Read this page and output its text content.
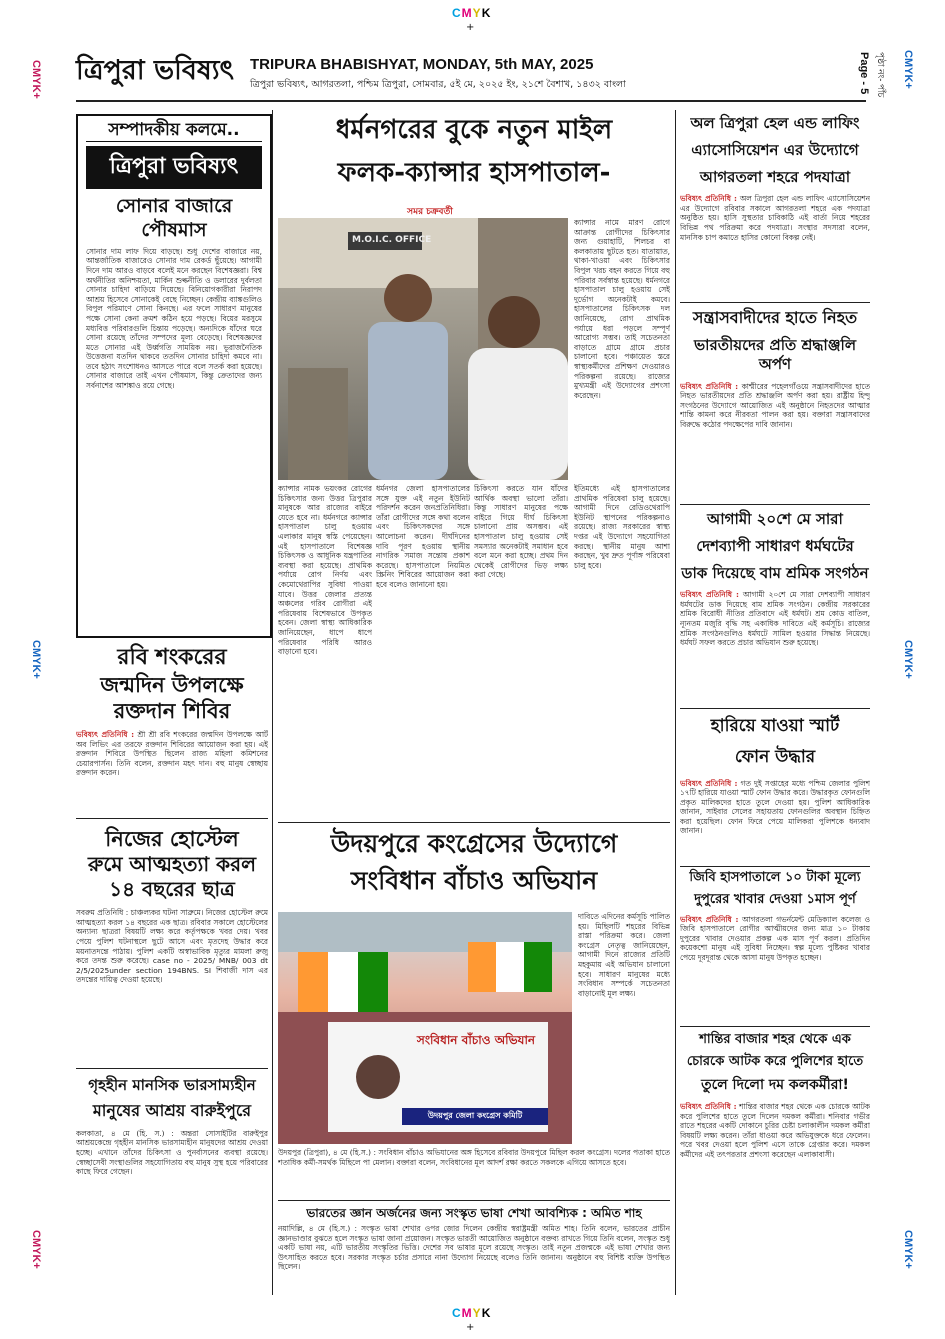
CMYK
+
CMYK
+
CMYK+
CMYK+
CMYK+
CMYK+
CMYK+
CMYK+
ত্রিপুরা ভবিষ্যৎ TRIPURA BHABISHYAT, MONDAY, 5th MAY, 2025
ত্রিপুরা ভবিষ্যৎ, আগরতলা, পশ্চিম ত্রিপুরা, সোমবার, ৫ই মে, ২০২৫ ইং, ২১শে বৈশাখ, ১৪৩২ বাংলা	Page - 5 পৃষ্ঠা নং- পাঁচ
সম্পাদকীয় কলমে..
ত্রিপুরা ভবিষ্যৎ
সোনার বাজারে পৌষমাস
সোনার দাম লাফ দিয়ে বাড়ছে। শুধু দেশের বাজারে নয়, আন্তর্জাতিক বাজারেও সোনার দাম রেকর্ড ছুঁয়েছে। আগামী দিনে দাম আরও বাড়বে বলেই মনে করছেন বিশেষজ্ঞরা। বিশ্ব অর্থনীতির অনিশ্চয়তা, মার্কিন শুল্কনীতি ও ডলারের দুর্বলতা সোনার চাহিদা বাড়িয়ে দিয়েছে। বিনিয়োগকারীরা নিরাপদ আশ্রয় হিসেবে সোনাকেই বেছে নিচ্ছেন। কেন্দ্রীয় ব্যাঙ্কগুলিও বিপুল পরিমাণে সোনা কিনছে। এর ফলে সাধারণ মানুষের পক্ষে সোনা কেনা ক্রমশ কঠিন হয়ে পড়ছে। বিয়ের মরসুমে মধ্যবিত্ত পরিবারগুলি চিন্তায় পড়েছে। অন্যদিকে যাঁদের ঘরে সোনা রয়েছে তাঁদের সম্পদের মূল্য বেড়েছে। বিশেষজ্ঞদের মতে সোনার এই উর্ধ্বগতি সাময়িক নয়। ভূরাজনৈতিক উত্তেজনা যতদিন থাকবে ততদিন সোনার চাহিদা কমবে না। তবে হঠাৎ সংশোধনও আসতে পারে বলে সতর্ক করা হয়েছে। সোনার বাজারে তাই এখন পৌষমাস, কিন্তু ক্রেতাদের জন্য সর্বনাশের আশঙ্কাও রয়ে গেছে।
রবি শংকরের
জন্মদিন উপলক্ষে
রক্তদান শিবির
ভবিষ্যৎ প্রতিনিধি : শ্রী শ্রী রবি শংকরের জন্মদিন উপলক্ষে আর্ট অব লিভিং এর তরফে রক্তদান শিবিরের আয়োজন করা হয়। এই রক্তদান শিবিরে উপস্থিত ছিলেন রাজ্য মহিলা কমিশনের চেয়ারপার্সন। তিনি বলেন, রক্তদান মহৎ দান। বহু মানুষ স্বেচ্ছায় রক্তদান করেন।
নিজের হোস্টেল
রুমে আত্মহত্যা করল
১৪ বছরের ছাত্র
সবরুম প্রতিনিধি : চাঞ্চল্যকর ঘটনা সাব্রুমে। নিজের হোস্টেল রুমে আত্মহত্যা করল ১৪ বছরের এক ছাত্র। রবিবার সকালে হোস্টেলের অন্যান্য ছাত্ররা বিষয়টি লক্ষ্য করে কর্তৃপক্ষকে খবর দেয়। খবর পেয়ে পুলিশ ঘটনাস্থলে ছুটে আসে এবং মৃতদেহ উদ্ধার করে ময়নাতদন্তে পাঠায়। পুলিশ একটি অস্বাভাবিক মৃত্যুর মামলা রুজু করে তদন্ত শুরু করেছে। case no - 2025/ MNB/ 003 dt 2/5/2025under section 194BNS. SI শিবাজী দাস এর তদন্তের দায়িত্ব দেওয়া হয়েছে।
গৃহহীন মানসিক ভারসাম্যহীন
মানুষের আশ্রয় বারুইপুরে
কলকাতা, ৪ মে (হি. স.) : অন্তরা সোসাইটির বারুইপুর আশ্রয়কেন্দ্রে গৃহহীন মানসিক ভারসাম্যহীন মানুষদের আশ্রয় দেওয়া হচ্ছে। এখানে তাঁদের চিকিৎসা ও পুনর্বাসনের ব্যবস্থা রয়েছে। স্বেচ্ছাসেবী সংস্থাগুলির সহযোগিতায় বহু মানুষ সুস্থ হয়ে পরিবারের কাছে ফিরে গেছেন।
ধর্মনগরের বুকে নতুন মাইল
ফলক-ক্যান্সার হাসপাতাল-
সমর চক্রবর্তী
M.O.I.C. OFFICE
ক্যান্সার নামে মারণ রোগে আক্রান্ত রোগীদের চিকিৎসার জন্য গুয়াহাটি, শিলচর বা কলকাতায় ছুটতে হত। যাতায়াত, থাকা-খাওয়া এবং চিকিৎসার বিপুল খরচ বহন করতে গিয়ে বহু পরিবার সর্বস্বান্ত হয়েছে। ধর্মনগরে হাসপাতাল চালু হওয়ায় সেই দুর্ভোগ অনেকটাই কমবে। হাসপাতালের চিকিৎসক দল জানিয়েছে, রোগ প্রাথমিক পর্যায়ে ধরা পড়লে সম্পূর্ণ আরোগ্য সম্ভব। তাই সচেতনতা বাড়াতে গ্রামে গ্রামে প্রচার চালানো হবে। পঞ্চায়েত স্তরে স্বাস্থ্যকর্মীদের প্রশিক্ষণ দেওয়ারও পরিকল্পনা রয়েছে। রাজ্যের মুখ্যমন্ত্রী এই উদ্যোগের প্রশংসা করেছেন।
ক্যান্সার নামক ভয়ংকর রোগের চিকিৎসার জন্য উত্তর ত্রিপুরার মানুষকে আর রাজ্যের বাইরে যেতে হবে না। ধর্মনগরে ক্যান্সার হাসপাতাল চালু হওয়ায় এলাকার মানুষ স্বস্তি পেয়েছেন। এই হাসপাতালে বিশেষজ্ঞ চিকিৎসক ও আধুনিক যন্ত্রপাতির ব্যবস্থা করা হয়েছে। প্রাথমিক পর্যায়ে রোগ নির্ণয় এবং কেমোথেরাপির সুবিধা পাওয়া যাবে। উত্তর জেলার প্রত্যন্ত অঞ্চলের গরিব রোগীরা এই পরিষেবায় বিশেষভাবে উপকৃত হবেন। জেলা স্বাস্থ্য আধিকারিক জানিয়েছেন, ধাপে ধাপে পরিষেবার পরিধি আরও বাড়ানো হবে।
ধর্মনগর জেলা হাসপাতালের সঙ্গে যুক্ত এই নতুন ইউনিট পরিদর্শন করেন জনপ্রতিনিধিরা। তাঁরা রোগীদের সঙ্গে কথা বলেন এবং চিকিৎসকদের সঙ্গে আলোচনা করেন। দীর্ঘদিনের দাবি পূরণ হওয়ায় স্থানীয় নাগরিক সমাজ সন্তোষ প্রকাশ করেছে। হাসপাতালে নিয়মিত স্ক্রিনিং শিবিরের আয়োজন করা হবে বলেও জানানো হয়।
চিকিৎসা করতে যান যাঁদের আর্থিক অবস্থা ভালো তাঁরা। কিন্তু সাধারণ মানুষের পক্ষে বাইরে গিয়ে দীর্ঘ চিকিৎসা চালানো প্রায় অসম্ভব। এই হাসপাতাল চালু হওয়ায় সেই সমস্যার অনেকটাই সমাধান হবে বলে মনে করা হচ্ছে। প্রথম দিন থেকেই রোগীদের ভিড় লক্ষ্য করা গেছে।
ইতিমধ্যে এই হাসপাতালের প্রাথমিক পরিষেবা চালু হয়েছে। আগামী দিনে রেডিওথেরাপি ইউনিট স্থাপনের পরিকল্পনাও রয়েছে। রাজ্য সরকারের স্বাস্থ্য দপ্তর এই উদ্যোগে সহযোগিতা করছে। স্থানীয় মানুষ আশা করছেন, খুব দ্রুত পূর্ণাঙ্গ পরিষেবা চালু হবে।
উদয়পুরে কংগ্রেসের উদ্যোগে
সংবিধান বাঁচাও অভিযান
সংবিধান বাঁচাও অভিযান
উদয়পুর জেলা কংগ্রেস কমিটি
দাবিতে এদিনের কর্মসূচি পালিত হয়। মিছিলটি শহরের বিভিন্ন রাস্তা পরিক্রমা করে। জেলা কংগ্রেস নেতৃত্ব জানিয়েছেন, আগামী দিনে রাজ্যের প্রতিটি মহকুমায় এই অভিযান চালানো হবে। সাধারণ মানুষের মধ্যে সংবিধান সম্পর্কে সচেতনতা বাড়ানোই মূল লক্ষ্য।
উদয়পুর (ত্রিপুরা), ৪ মে (হি.স.) : সংবিধান বাঁচাও অভিযানের অঙ্গ হিসেবে রবিবার উদয়পুরে মিছিল করল কংগ্রেস। দলের পতাকা হাতে শতাধিক কর্মী-সমর্থক মিছিলে পা মেলান। বক্তারা বলেন, সংবিধানের মূল আদর্শ রক্ষা করতে সকলকে এগিয়ে আসতে হবে।
ভারতের জ্ঞান অর্জনের জন্য সংস্কৃত ভাষা শেখা আবশ্যিক : অমিত শাহ
নয়াদিল্লি, ৪ মে (হি.স.) : সংস্কৃত ভাষা শেখার ওপর জোর দিলেন কেন্দ্রীয় স্বরাষ্ট্রমন্ত্রী অমিত শাহ। তিনি বলেন, ভারতের প্রাচীন জ্ঞানভাণ্ডার বুঝতে হলে সংস্কৃত ভাষা জানা প্রয়োজন। সংস্কৃত ভারতী আয়োজিত অনুষ্ঠানে বক্তব্য রাখতে গিয়ে তিনি বলেন, সংস্কৃত শুধু একটি ভাষা নয়, এটি ভারতীয় সংস্কৃতির ভিত্তি। দেশের সব ভাষার মূলে রয়েছে সংস্কৃত। তাই নতুন প্রজন্মকে এই ভাষা শেখার জন্য উৎসাহিত করতে হবে। সরকার সংস্কৃত চর্চার প্রসারে নানা উদ্যোগ নিয়েছে বলেও তিনি জানান। অনুষ্ঠানে বহু বিশিষ্ট ব্যক্তি উপস্থিত ছিলেন।
অল ত্রিপুরা হেল এন্ড লাফিং
এ্যাসোসিয়েশন এর উদ্যোগে
আগরতলা শহরে পদযাত্রা
ভবিষ্যৎ প্রতিনিধি : অল ত্রিপুরা হেল এন্ড লাফিং এ্যাসোসিয়েশন এর উদ্যোগে রবিবার সকালে আগরতলা শহরে এক পদযাত্রা অনুষ্ঠিত হয়। হাসি সুস্থতার চাবিকাঠি এই বার্তা নিয়ে শহরের বিভিন্ন পথ পরিক্রমা করে পদযাত্রা। সংস্থার সদস্যরা বলেন, মানসিক চাপ কমাতে হাসির কোনো বিকল্প নেই।
সন্ত্রাসবাদীদের হাতে নিহত
ভারতীয়দের প্রতি শ্রদ্ধাঞ্জলি অর্পণ
ভবিষ্যৎ প্রতিনিধি : কাশ্মীরের পহেলগাঁওয়ে সন্ত্রাসবাদীদের হাতে নিহত ভারতীয়দের প্রতি শ্রদ্ধাঞ্জলি অর্পণ করা হয়। রাষ্ট্রীয় হিন্দু সংগঠনের উদ্যোগে আয়োজিত এই অনুষ্ঠানে নিহতদের আত্মার শান্তি কামনা করে নীরবতা পালন করা হয়। বক্তারা সন্ত্রাসবাদের বিরুদ্ধে কঠোর পদক্ষেপের দাবি জানান।
আগামী ২০শে মে সারা
দেশব্যাপী সাধারণ ধর্মঘটের
ডাক দিয়েছে বাম শ্রমিক সংগঠন
ভবিষ্যৎ প্রতিনিধি : আগামী ২০শে মে সারা দেশব্যাপী সাধারণ ধর্মঘটের ডাক দিয়েছে বাম শ্রমিক সংগঠন। কেন্দ্রীয় সরকারের শ্রমিক বিরোধী নীতির প্রতিবাদে এই ধর্মঘট। শ্রম কোড বাতিল, ন্যূনতম মজুরি বৃদ্ধি সহ একাধিক দাবিতে এই কর্মসূচি। রাজ্যের শ্রমিক সংগঠনগুলিও ধর্মঘটে সামিল হওয়ার সিদ্ধান্ত নিয়েছে। ধর্মঘট সফল করতে প্রচার অভিযান শুরু হয়েছে।
হারিয়ে যাওয়া স্মার্ট
ফোন উদ্ধার
ভবিষ্যৎ প্রতিনিধি : গত দুই সপ্তাহের মধ্যে পশ্চিম জেলার পুলিশ ১৭টি হারিয়ে যাওয়া স্মার্ট ফোন উদ্ধার করে। উদ্ধারকৃত ফোনগুলি প্রকৃত মালিকদের হাতে তুলে দেওয়া হয়। পুলিশ আধিকারিক জানান, সাইবার সেলের সহায়তায় ফোনগুলির অবস্থান চিহ্নিত করা হয়েছিল। ফোন ফিরে পেয়ে মালিকরা পুলিশকে ধন্যবাদ জানান।
জিবি হাসপাতালে ১০ টাকা মূল্যে
দুপুরের খাবার দেওয়া ১মাস পূর্ণ
ভবিষ্যৎ প্রতিনিধি : আগরতলা গভর্নমেন্ট মেডিক্যাল কলেজ ও জিবি হাসপাতালে রোগীর আত্মীয়দের জন্য মাত্র ১০ টাকায় দুপুরের খাবার দেওয়ার প্রকল্প এক মাস পূর্ণ করল। প্রতিদিন কয়েকশো মানুষ এই সুবিধা নিচ্ছেন। স্বল্প মূল্যে পুষ্টিকর খাবার পেয়ে দূরদূরান্ত থেকে আসা মানুষ উপকৃত হচ্ছেন।
শান্তির বাজার শহর থেকে এক
চোরকে আটক করে পুলিশের হাতে
তুলে দিলো দম কলকর্মীরা!
ভবিষ্যৎ প্রতিনিধি : শান্তির বাজার শহর থেকে এক চোরকে আটক করে পুলিশের হাতে তুলে দিলেন দমকল কর্মীরা। শনিবার গভীর রাতে শহরের একটি দোকানে চুরির চেষ্টা চলাকালীন দমকল কর্মীরা বিষয়টি লক্ষ্য করেন। তাঁরা ধাওয়া করে অভিযুক্তকে ধরে ফেলেন। পরে খবর দেওয়া হলে পুলিশ এসে তাকে গ্রেপ্তার করে। দমকল কর্মীদের এই তৎপরতার প্রশংসা করেছেন এলাকাবাসী।
